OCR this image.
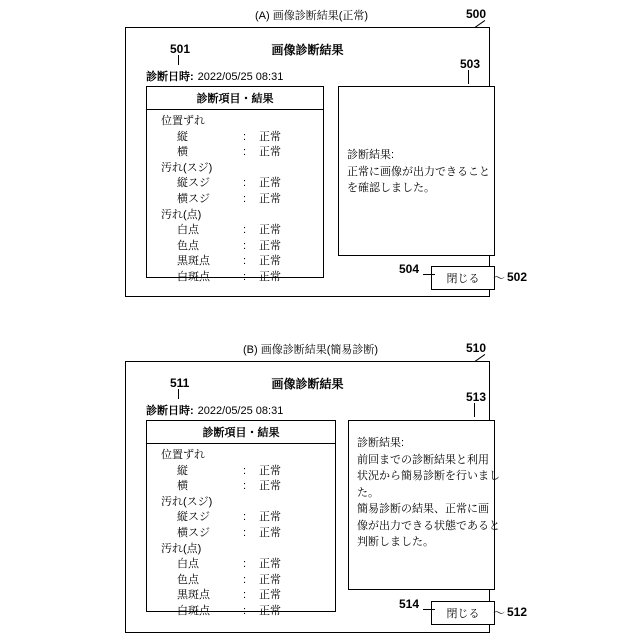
(A) 画像診断結果(正常)	500
画像診断結果
診断日時: 2022/05/25 08:31
診断項目・結果
位置ずれ
縦	:	正常
横	:	正常
汚れ(スジ)
縦スジ	:	正常
横スジ	:	正常
汚れ(点)
白点	:	正常
色点	:	正常
黒斑点	:	正常
白斑点	:	正常
診断結果:
正常に画像が出力できること
を確認しました。
閉じる
501
〜 502
503
504
(B) 画像診断結果(簡易診断)	510
画像診断結果
診断日時: 2022/05/25 08:31
診断項目・結果
位置ずれ
縦	:	正常
横	:	正常
汚れ(スジ)
縦スジ	:	正常
横スジ	:	正常
汚れ(点)
白点	:	正常
色点	:	正常
黒斑点	:	正常
白斑点	:	正常
診断結果:
前回までの診断結果と利用
状況から簡易診断を行いまし
た。
簡易診断の結果、正常に画
像が出力できる状態であると
判断しました。
閉じる
511
〜 512
513
514
